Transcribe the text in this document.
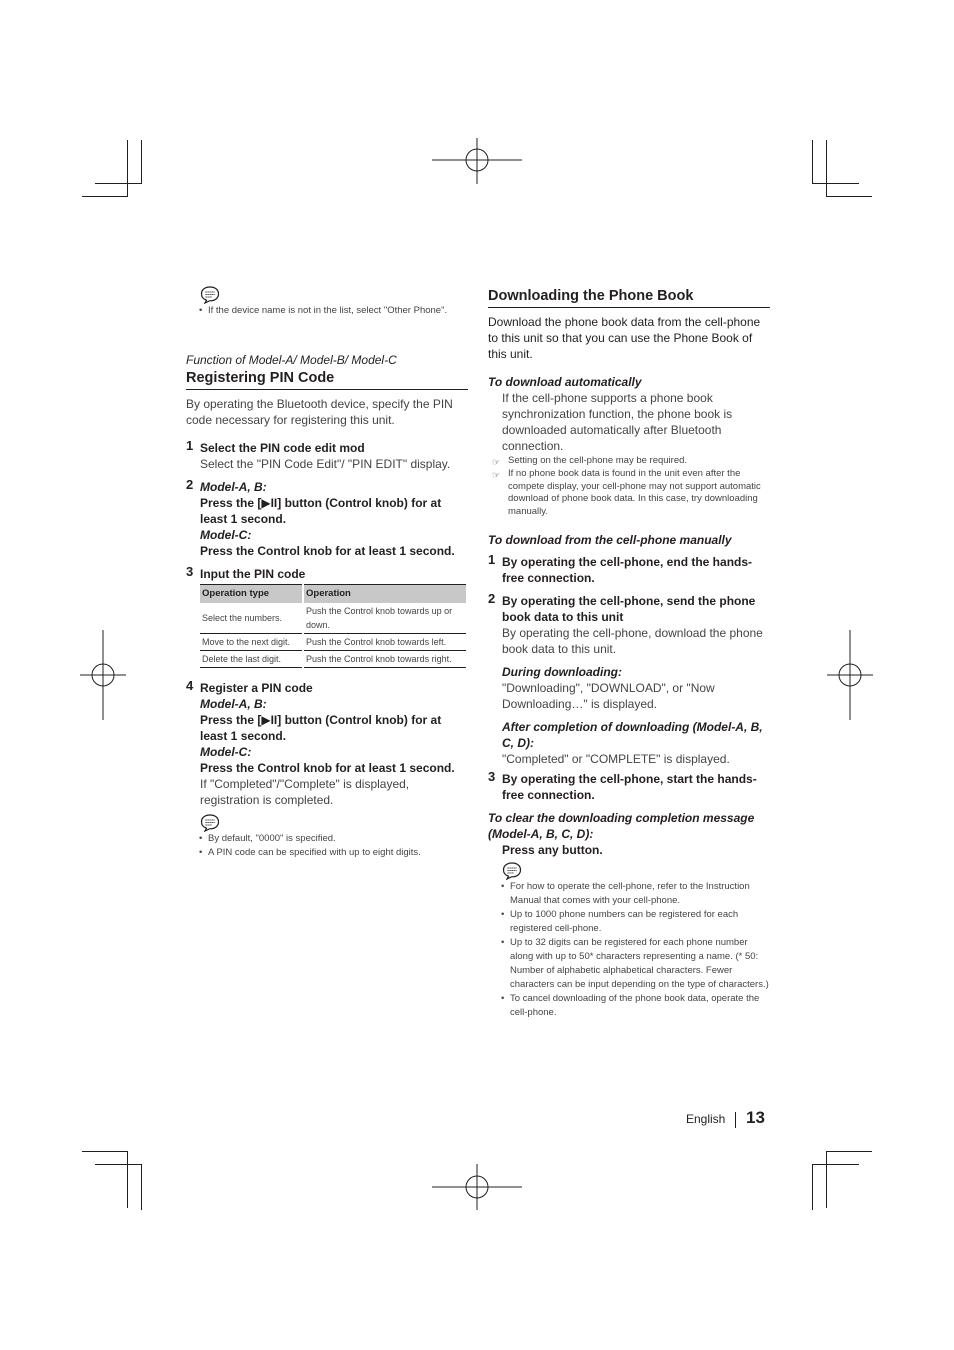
• If the device name is not in the list, select "Other Phone".
Function of Model-A/ Model-B/ Model-C
Registering PIN Code
By operating the Bluetooth device, specify the PIN code necessary for registering this unit.
1 Select the PIN code edit mod
Select the "PIN Code Edit"/ "PIN EDIT" display.
2 Model-A, B:
Press the [▶II] button (Control knob) for at least 1 second.
Model-C:
Press the Control knob for at least 1 second.
3 Input the PIN code
Operation type	Operation
Select the numbers.	Push the Control knob towards up or down.
Move to the next digit.	Push the Control knob towards left.
Delete the last digit.	Push the Control knob towards right.
4 Register a PIN code
Model-A, B:
Press the [▶II] button (Control knob) for at least 1 second.
Model-C:
Press the Control knob for at least 1 second.
If "Completed"/"Complete" is displayed, registration is completed.
• By default, "0000" is specified.
• A PIN code can be specified with up to eight digits.
Downloading the Phone Book
Download the phone book data from the cell-phone to this unit so that you can use the Phone Book of this unit.
To download automatically
If the cell-phone supports a phone book synchronization function, the phone book is downloaded automatically after Bluetooth connection.
☞ Setting on the cell-phone may be required.
☞ If no phone book data is found in the unit even after the compete display, your cell-phone may not support automatic download of phone book data. In this case, try downloading manually.
To download from the cell-phone manually
1 By operating the cell-phone, end the hands-free connection.
2 By operating the cell-phone, send the phone book data to this unit
By operating the cell-phone, download the phone book data to this unit.
During downloading:
"Downloading", "DOWNLOAD", or "Now Downloading…" is displayed.
After completion of downloading (Model-A, B, C, D):
"Completed" or "COMPLETE" is displayed.
3 By operating the cell-phone, start the hands-free connection.
To clear the downloading completion message (Model-A, B, C, D):
Press any button.
• For how to operate the cell-phone, refer to the Instruction Manual that comes with your cell-phone.
• Up to 1000 phone numbers can be registered for each registered cell-phone.
• Up to 32 digits can be registered for each phone number along with up to 50* characters representing a name. (* 50: Number of alphabetic alphabetical characters. Fewer characters can be input depending on the type of characters.)
• To cancel downloading of the phone book data, operate the cell-phone.
English 13
